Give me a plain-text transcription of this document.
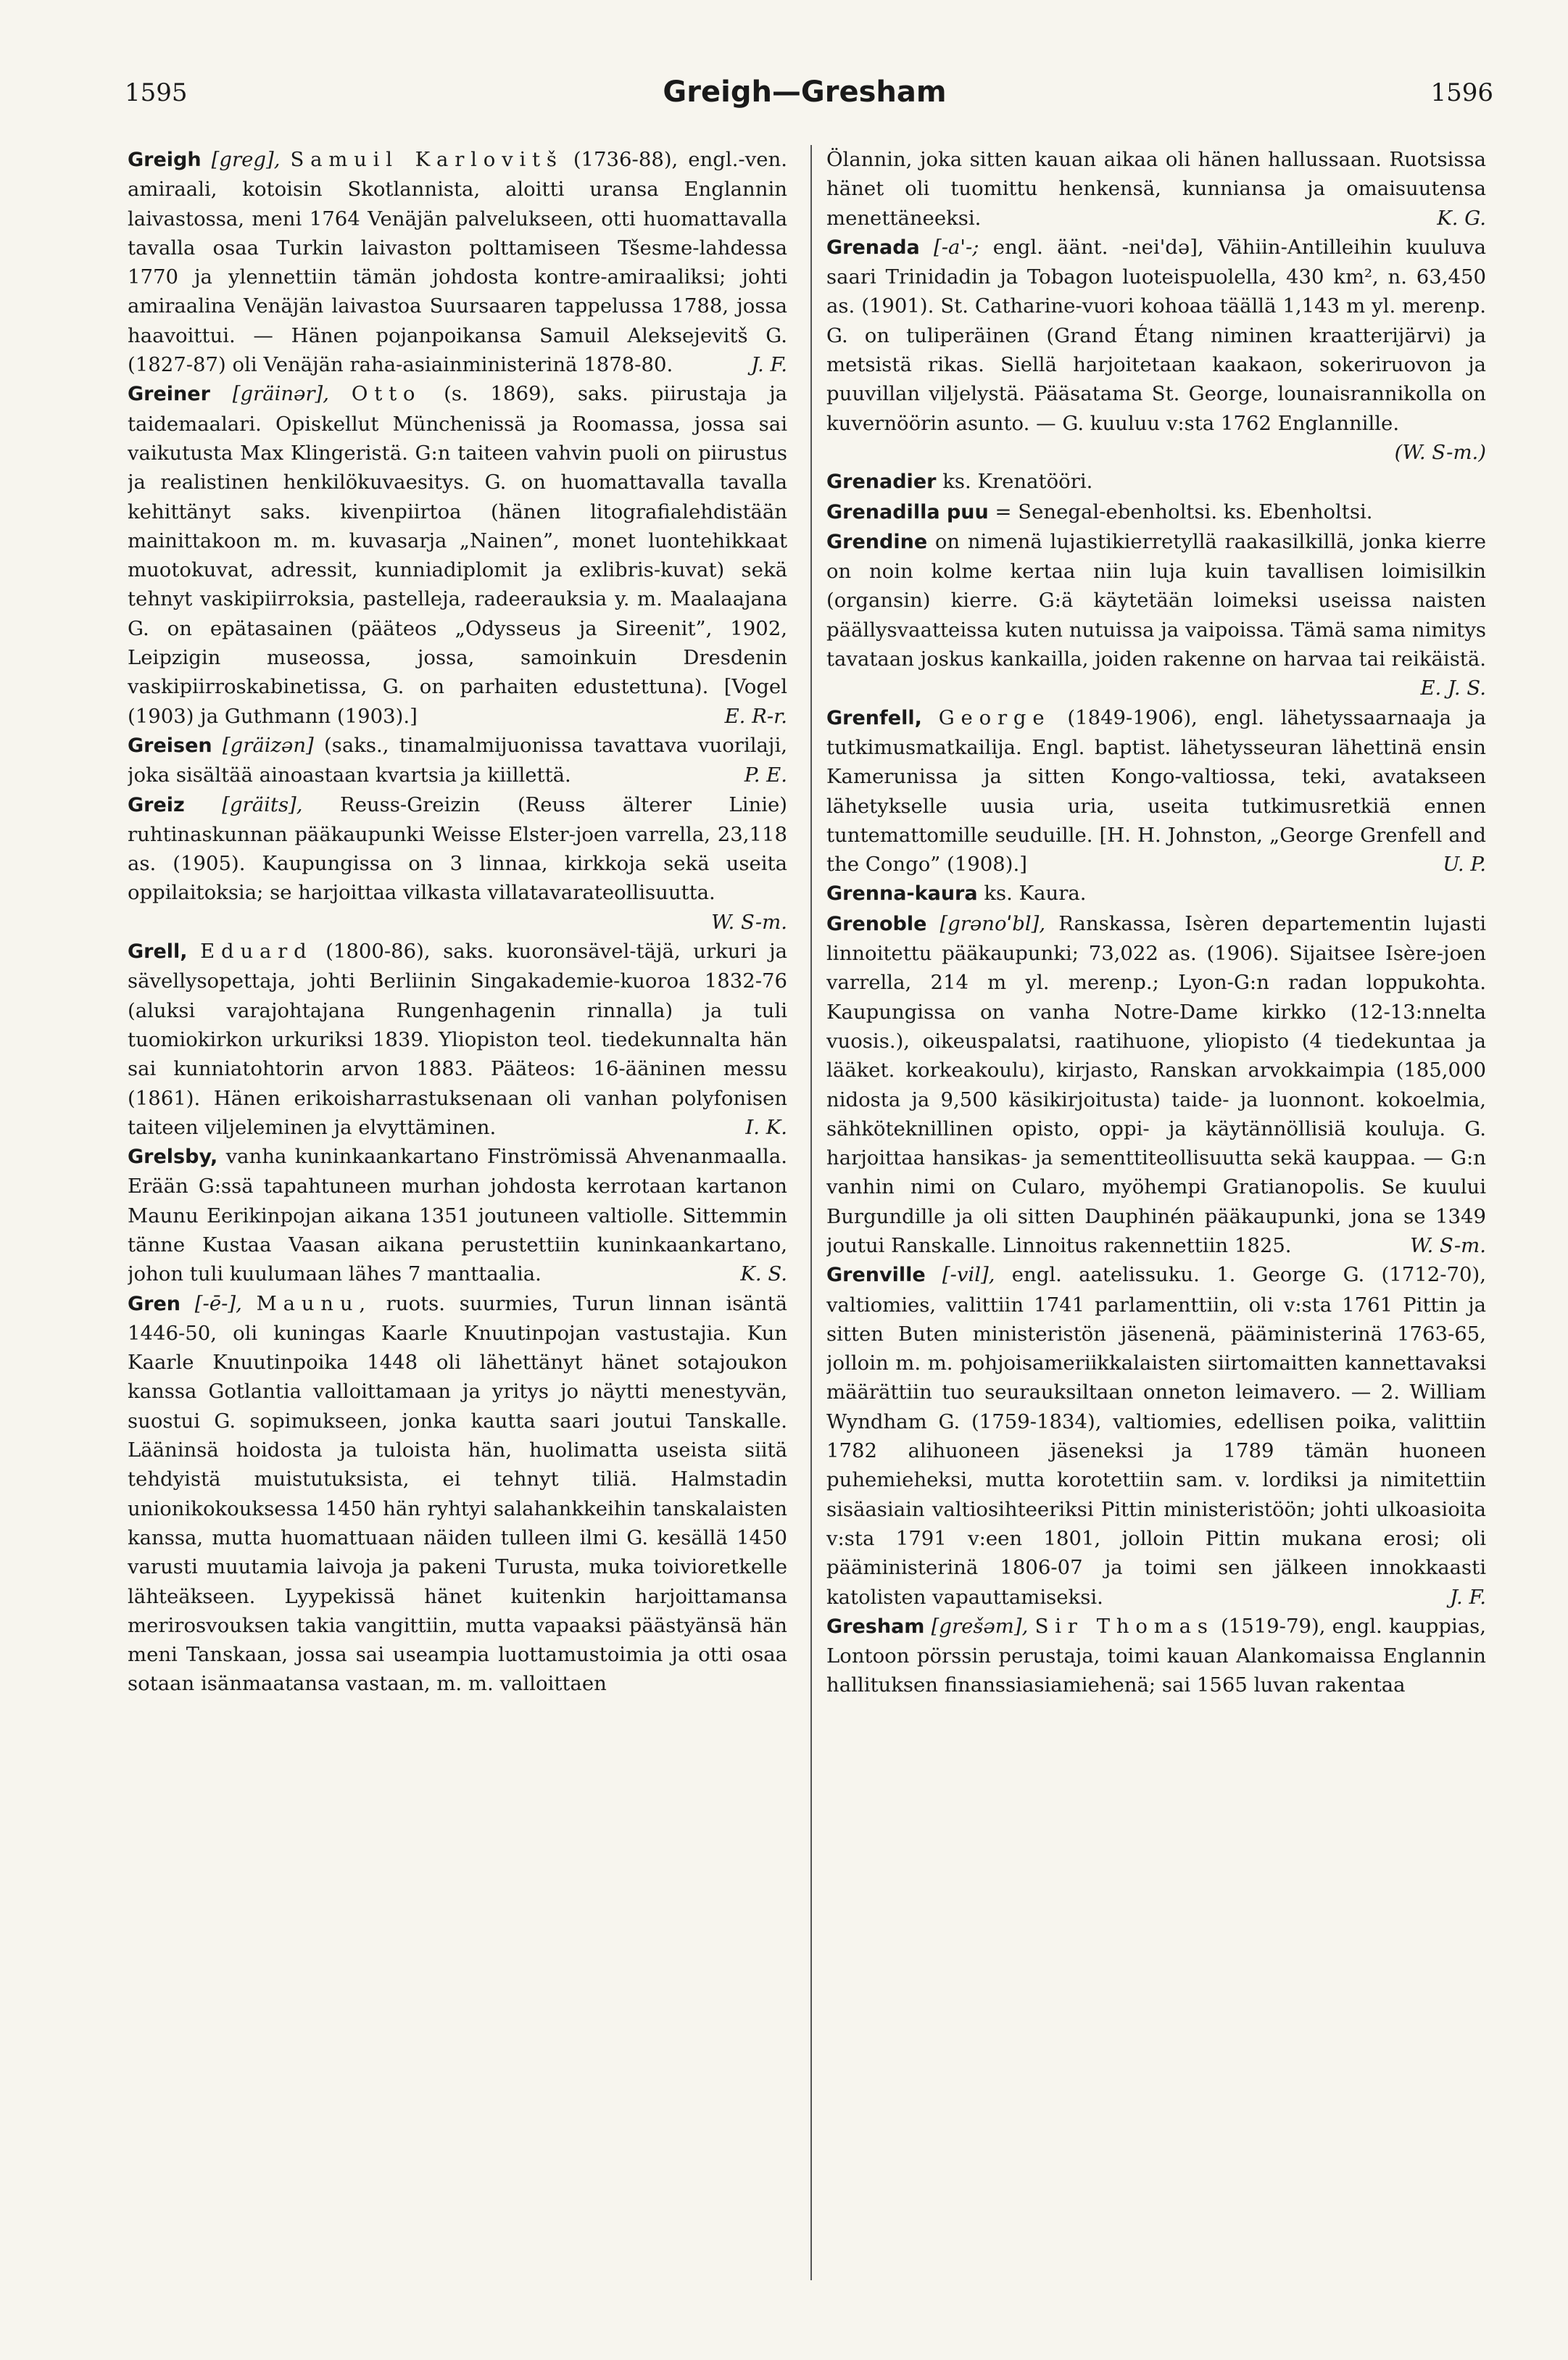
1595	Greigh—Gresham	1596

Greigh [greg], Samuil Karlovitš (1736-88), engl.-ven. amiraali, kotoisin Skotlannista, aloitti uransa Englannin laivastossa, meni 1764 Venäjän palvelukseen, otti huomattavalla tavalla osaa Turkin laivaston polttamiseen Tšesme-lahdessa 1770 ja ylennettiin tämän johdosta kontre-amiraaliksi; johti amiraalina Venäjän laivastoa Suursaaren tappelussa 1788, jossa haavoittui. — Hänen pojanpoikansa Samuil Aleksejevitš G. (1827-87) oli Venäjän raha-asiainministerinä 1878-80.	J. F.

Greiner [gräinər], Otto (s. 1869), saks. piirustaja ja taidemaalari. Opiskellut Münchenissä ja Roomassa, jossa sai vaikutusta Max Klingeristä. G:n taiteen vahvin puoli on piirustus ja realistinen henkilökuvaesitys. G. on huomattavalla tavalla kehittänyt saks. kivenpiirtoa (hänen litografialehdistään mainittakoon m. m. kuvasarja „Nainen”, monet luontehikkaat muotokuvat, adressit, kunniadiplomit ja exlibris-kuvat) sekä tehnyt vaskipiirroksia, pastelleja, radeerauksia y. m. Maalaajana G. on epätasainen (pääteos „Odysseus ja Sireenit”, 1902, Leipzigin museossa, jossa, samoinkuin Dresdenin vaskipiirroskabinetissa, G. on parhaiten edustettuna). [Vogel (1903) ja Guthmann (1903).]	E. R-r.

Greisen [gräizən] (saks., tinamalmijuonissa tavattava vuorilaji, joka sisältää ainoastaan kvartsia ja kiillettä.	P. E.

Greiz [gräits], Reuss-Greizin (Reuss älterer Linie) ruhtinaskunnan pääkaupunki Weisse Elster-joen varrella, 23,118 as. (1905). Kaupungissa on 3 linnaa, kirkkoja sekä useita oppilaitoksia; se harjoittaa vilkasta villatavarateollisuutta.
W. S-m.

Grell, Eduard (1800-86), saks. kuoronsävel-täjä, urkuri ja sävellysopettaja, johti Berliinin Singakademie-kuoroa 1832-76 (aluksi varajohtajana Rungenhagenin rinnalla) ja tuli tuomiokirkon urkuriksi 1839. Yliopiston teol. tiedekunnalta hän sai kunniatohtorin arvon 1883. Pääteos: 16-ääninen messu (1861). Hänen erikoisharrastuksenaan oli vanhan polyfonisen taiteen viljeleminen ja elvyttäminen.	I. K.

Grelsby, vanha kuninkaankartano Finströmissä Ahvenanmaalla. Erään G:ssä tapahtuneen murhan johdosta kerrotaan kartanon Maunu Eerikinpojan aikana 1351 joutuneen valtiolle. Sittemmin tänne Kustaa Vaasan aikana perustettiin kuninkaankartano, johon tuli kuulumaan lähes 7 manttaalia.	K. S.

Gren [-ē-], Maunu, ruots. suurmies, Turun linnan isäntä 1446-50, oli kuningas Kaarle Knuutinpojan vastustajia. Kun Kaarle Knuutinpoika 1448 oli lähettänyt hänet sotajoukon kanssa Gotlantia valloittamaan ja yritys jo näytti menestyvän, suostui G. sopimukseen, jonka kautta saari joutui Tanskalle. Lääninsä hoidosta ja tuloista hän, huolimatta useista siitä tehdyistä muistutuksista, ei tehnyt tiliä. Halmstadin unionikokouksessa 1450 hän ryhtyi salahankkeihin tanskalaisten kanssa, mutta huomattuaan näiden tulleen ilmi G. kesällä 1450 varusti muutamia laivoja ja pakeni Turusta, muka toivioretkelle lähteäkseen. Lyypekissä hänet kuitenkin harjoittamansa merirosvouksen takia vangittiin, mutta vapaaksi päästyänsä hän meni Tanskaan, jossa sai useampia luottamustoimia ja otti osaa sotaan isänmaatansa vastaan, m. m. valloittaen

Ölannin, joka sitten kauan aikaa oli hänen hallussaan. Ruotsissa hänet oli tuomittu henkensä, kunniansa ja omaisuutensa menettäneeksi.	K. G.

Grenada [-a'-; engl. äänt. -nei'də], Vähiin-Antilleihin kuuluva saari Trinidadin ja Tobagon luoteispuolella, 430 km², n. 63,450 as. (1901). St. Catharine-vuori kohoaa täällä 1,143 m yl. merenp. G. on tuliperäinen (Grand Étang niminen kraatterijärvi) ja metsistä rikas. Siellä harjoitetaan kaakaon, sokeriruovon ja puuvillan viljelystä. Pääsatama St. George, lounaisrannikolla on kuvernöörin asunto. — G. kuuluu v:sta 1762 Englannille.
(W. S-m.)

Grenadier ks. Krenatööri.

Grenadilla puu = Senegal-ebenholtsi. ks. Ebenholtsi.

Grendine on nimenä lujastikierretyllä raakasilkillä, jonka kierre on noin kolme kertaa niin luja kuin tavallisen loimisilkin (organsin) kierre. G:ä käytetään loimeksi useissa naisten päällysvaatteissa kuten nutuissa ja vaipoissa. Tämä sama nimitys tavataan joskus kankailla, joiden rakenne on harvaa tai reikäistä.
E. J. S.

Grenfell, George (1849-1906), engl. lähetyssaarnaaja ja tutkimusmatkailija. Engl. baptist. lähetysseuran lähettinä ensin Kamerunissa ja sitten Kongo-valtiossa, teki, avatakseen lähetykselle uusia uria, useita tutkimusretkiä ennen tuntemattomille seuduille. [H. H. Johnston, „George Grenfell and the Congo” (1908).]	U. P.

Grenna-kaura ks. Kaura.

Grenoble [grənoˈbl], Ranskassa, Isèren departementin lujasti linnoitettu pääkaupunki; 73,022 as. (1906). Sijaitsee Isère-joen varrella, 214 m yl. merenp.; Lyon-G:n radan loppukohta. Kaupungissa on vanha Notre-Dame kirkko (12-13:nnelta vuosis.), oikeuspalatsi, raatihuone, yliopisto (4 tiedekuntaa ja lääket. korkeakoulu), kirjasto, Ranskan arvokkaimpia (185,000 nidosta ja 9,500 käsikirjoitusta) taide- ja luonnont. kokoelmia, sähköteknillinen opisto, oppi- ja käytännöllisiä kouluja. G. harjoittaa hansikas- ja sementtiteollisuutta sekä kauppaa. — G:n vanhin nimi on Cularo, myöhempi Gratianopolis. Se kuului Burgundille ja oli sitten Dauphinén pääkaupunki, jona se 1349 joutui Ranskalle. Linnoitus rakennettiin 1825.	W. S-m.

Grenville [-vil], engl. aatelissuku. 1. George G. (1712-70), valtiomies, valittiin 1741 parlamenttiin, oli v:sta 1761 Pittin ja sitten Buten ministeristön jäsenenä, pääministerinä 1763-65, jolloin m. m. pohjoisameriikkalaisten siirtomaitten kannettavaksi määrättiin tuo seurauksiltaan onneton leimavero. — 2. William Wyndham G. (1759-1834), valtiomies, edellisen poika, valittiin 1782 alihuoneen jäseneksi ja 1789 tämän huoneen puhemieheksi, mutta korotettiin sam. v. lordiksi ja nimitettiin sisäasiain valtiosihteeriksi Pittin ministeristöön; johti ulkoasioita v:sta 1791 v:een 1801, jolloin Pittin mukana erosi; oli pääministerinä 1806-07 ja toimi sen jälkeen innokkaasti katolisten vapauttamiseksi.	J. F.

Gresham [grešəm], Sir Thomas (1519-79), engl. kauppias, Lontoon pörssin perustaja, toimi kauan Alankomaissa Englannin hallituksen finanssiasiamiehenä; sai 1565 luvan rakentaa
